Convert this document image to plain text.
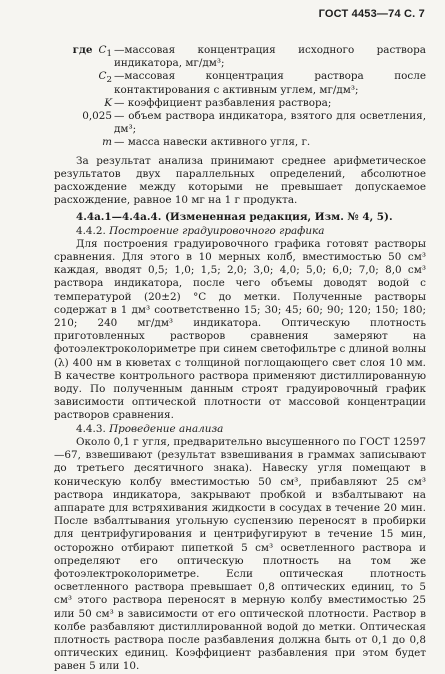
ГОСТ 4453—74 С. 7
где $C_1$ —массовая концентрация исходного раствора индикатора, мг/дм³;
$C_2$ —массовая концентрация раствора после контактирования с активным углем, мг/дм³;
K — коэффициент разбавления раствора;
0,025 — объем раствора индикатора, взятого для осветления, дм³;
m — масса навески активного угля, г.

За результат анализа принимают среднее арифметическое результатов двух параллельных определений, абсолютное расхождение между которыми не превышает допускаемое расхождение, равное 10 мг на 1 г продукта.

4.4а.1—4.4а.4. (Измененная редакция, Изм. № 4, 5).

4.4.2. Построение градуировочного графика

Для построения градуировочного графика готовят растворы сравнения. Для этого в 10 мерных колб, вместимостью 50 см³ каждая, вводят 0,5; 1,0; 1,5; 2,0; 3,0; 4,0; 5,0; 6,0; 7,0; 8,0 см³ раствора индикатора, после чего объемы доводят водой с температурой (20±2) °С до метки. Полученные растворы содержат в 1 дм³ соответственно 15; 30; 45; 60; 90; 120; 150; 180; 210; 240 мг/дм³ индикатора. Оптическую плотность приготовленных растворов сравнения замеряют на фотоэлектроколориметре при синем светофильтре с длиной волны (λ) 400 нм в кюветах с толщиной поглощающего свет слоя 10 мм. В качестве контрольного раствора применяют дистиллированную воду. По полученным данным строят градуировочный график зависимости оптической плотности от массовой концентрации растворов сравнения.

4.4.3. Проведение анализа

Около 0,1 г угля, предварительно высушенного по ГОСТ 12597—67, взвешивают (результат взвешивания в граммах записывают до третьего десятичного знака). Навеску угля помещают в коническую колбу вместимостью 50 см³, прибавляют 25 см³ раствора индикатора, закрывают пробкой и взбалтывают на аппарате для встряхивания жидкости в сосудах в течение 20 мин. После взбалтывания угольную суспензию переносят в пробирки для центрифугирования и центрифугируют в течение 15 мин, осторожно отбирают пипеткой 5 см³ осветленного раствора и определяют его оптическую плотность на том же фотоэлектроколориметре. Если оптическая плотность осветленного раствора превышает 0,8 оптических единиц, то 5 см³ этого раствора переносят в мерную колбу вместимостью 25 или 50 см³ в зависимости от его оптической плотности. Раствор в колбе разбавляют дистиллированной водой до метки. Оптическая плотность раствора после разбавления должна быть от 0,1 до 0,8 оптических единиц. Коэффициент разбавления при этом будет равен 5 или 10.
